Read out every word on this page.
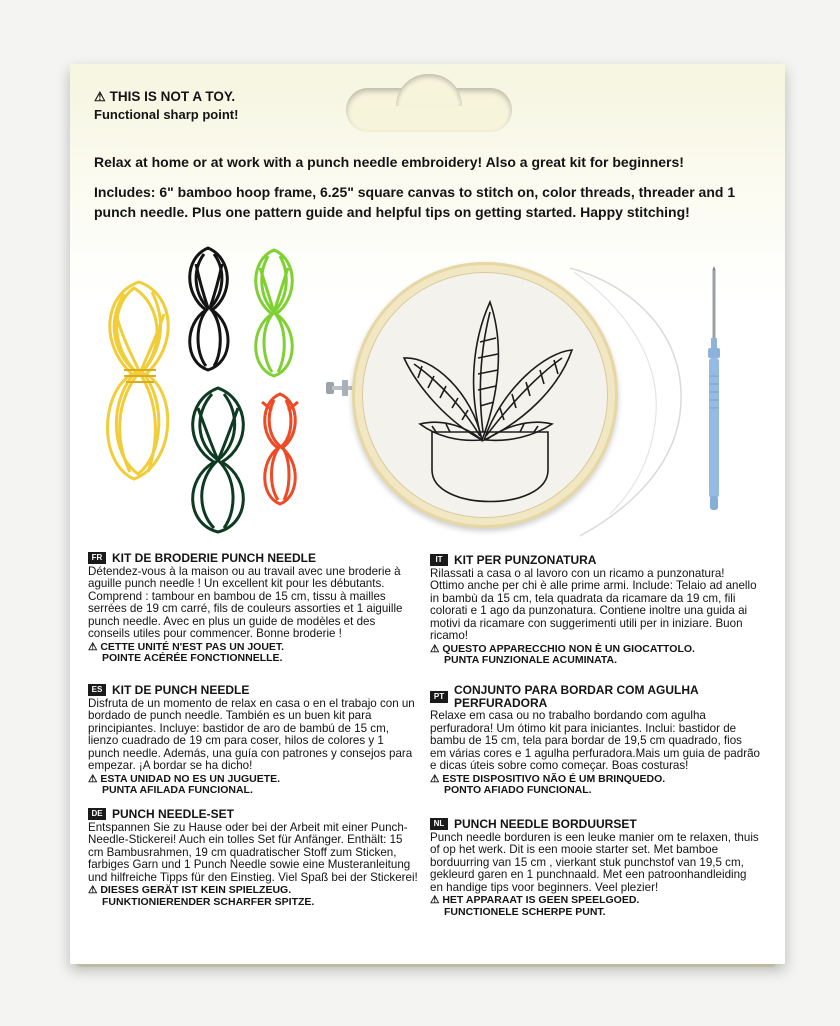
⚠ THIS IS NOT A TOY.
Functional sharp point!

Relax at home or at work with a punch needle embroidery! Also a great kit for beginners!

Includes: 6" bamboo hoop frame, 6.25" square canvas to stitch on, color threads, threader and 1 punch needle. Plus one pattern guide and helpful tips on getting started. Happy stitching!

FR KIT DE BRODERIE PUNCH NEEDLE
Détendez-vous à la maison ou au travail avec une broderie à aguille punch needle ! Un excellent kit pour les débutants. Comprend : tambour en bambou de 15 cm, tissu à mailles serrées de 19 cm carré, fils de couleurs assorties et 1 aiguille punch needle. Avec en plus un guide de modèles et des conseils utiles pour commencer. Bonne broderie !
⚠ CETTE UNITÉ N'EST PAS UN JOUET.
POINTE ACÉRÉE FONCTIONNELLE.
ES KIT DE PUNCH NEEDLE
Disfruta de un momento de relax en casa o en el trabajo con un bordado de punch needle. También es un buen kit para principiantes. Incluye: bastidor de aro de bambú de 15 cm, lienzo cuadrado de 19 cm para coser, hilos de colores y 1 punch needle. Además, una guía con patrones y consejos para empezar. ¡A bordar se ha dicho!
⚠ ESTA UNIDAD NO ES UN JUGUETE.
PUNTA AFILADA FUNCIONAL.
DE PUNCH NEEDLE-SET
Entspannen Sie zu Hause oder bei der Arbeit mit einer Punch-Needle-Stickerei! Auch ein tolles Set für Anfänger. Enthält: 15 cm Bambusrahmen, 19 cm quadratischer Stoff zum Sticken, farbiges Garn und 1 Punch Needle sowie eine Musteranleitung und hilfreiche Tipps für den Einstieg. Viel Spaß bei der Stickerei!
⚠ DIESES GERÄT IST KEIN SPIELZEUG.
FUNKTIONIERENDER SCHARFER SPITZE.
IT KIT PER PUNZONATURA
Rilassati a casa o al lavoro con un ricamo a punzonatura! Ottimo anche per chi è alle prime armi. Include: Telaio ad anello in bambù da 15 cm, tela quadrata da ricamare da 19 cm, fili colorati e 1 ago da punzonatura. Contiene inoltre una guida ai motivi da ricamare con suggerimenti utili per in iniziare. Buon ricamo!
⚠ QUESTO APPARECCHIO NON È UN GIOCATTOLO.
PUNTA FUNZIONALE ACUMINATA.
PT CONJUNTO PARA BORDAR COM AGULHA PERFURADORA
Relaxe em casa ou no trabalho bordando com agulha perfuradora! Um ótimo kit para iniciantes. Inclui: bastidor de bambu de 15 cm, tela para bordar de 19,5 cm quadrado, fios em várias cores e 1 agulha perfuradora.Mais um guia de padrão e dicas úteis sobre como começar. Boas costuras!
⚠ ESTE DISPOSITIVO NÃO É UM BRINQUEDO.
PONTO AFIADO FUNCIONAL.
NL PUNCH NEEDLE BORDUURSET
Punch needle borduren is een leuke manier om te relaxen, thuis of op het werk. Dit is een mooie starter set. Met bamboe borduurring van 15 cm , vierkant stuk punchstof van 19,5 cm, gekleurd garen en 1 punchnaald. Met een patroonhandleiding en handige tips voor beginners. Veel plezier!
⚠ HET APPARAAT IS GEEN SPEELGOED.
FUNCTIONELE SCHERPE PUNT.
